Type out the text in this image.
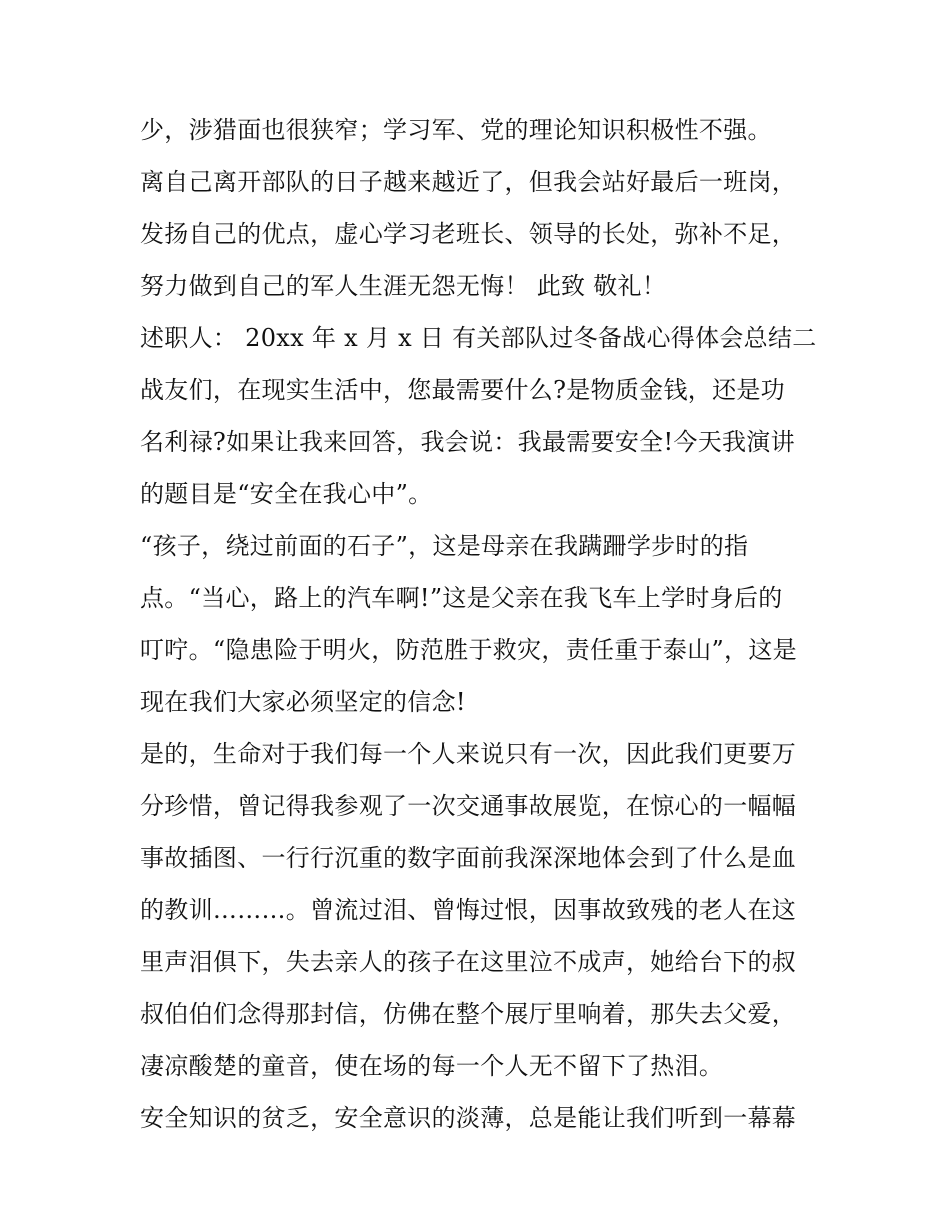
少，涉猎面也很狭窄；学习军、党的理论知识积极性不强。
离自己离开部队的日子越来越近了，但我会站好最后一班岗，
发扬自己的优点，虚心学习老班长、领导的长处，弥补不足，
努力做到自己的军人生涯无怨无悔！ 此致 敬礼！
述职人： 20xx 年 x 月 x 日 有关部队过冬备战心得体会总结二
战友们，在现实生活中，您最需要什么?是物质金钱，还是功
名利禄?如果让我来回答，我会说：我最需要安全!今天我演讲
的题目是“安全在我心中”。
“孩子，绕过前面的石子”，这是母亲在我蹒跚学步时的指
点。“当心，路上的汽车啊!”这是父亲在我飞车上学时身后的
叮咛。“隐患险于明火，防范胜于救灾，责任重于泰山”，这是
现在我们大家必须坚定的信念!
是的，生命对于我们每一个人来说只有一次，因此我们更要万
分珍惜，曾记得我参观了一次交通事故展览，在惊心的一幅幅
事故插图、一行行沉重的数字面前我深深地体会到了什么是血
的教训………。曾流过泪、曾悔过恨，因事故致残的老人在这
里声泪俱下，失去亲人的孩子在这里泣不成声，她给台下的叔
叔伯伯们念得那封信，仿佛在整个展厅里响着，那失去父爱，
凄凉酸楚的童音，使在场的每一个人无不留下了热泪。
安全知识的贫乏，安全意识的淡薄，总是能让我们听到一幕幕
